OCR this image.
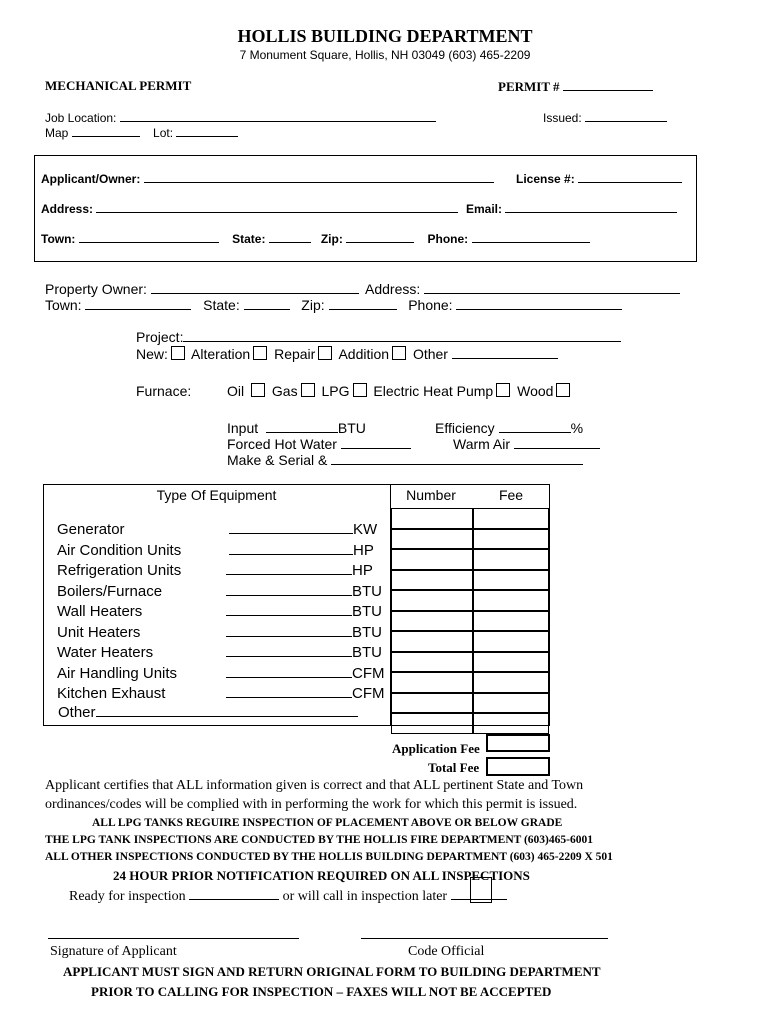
HOLLIS BUILDING DEPARTMENT
7 Monument Square, Hollis, NH 03049 (603) 465-2209
MECHANICAL PERMIT	PERMIT #
Job Location:	Issued:
Map	Lot:
Applicant/Owner:	License #:
Address:	Email:
Town:	State:	Zip:	Phone:
Property Owner:	Address:
Town:	State:	Zip:	Phone:
Project:
New: Alteration Repair Addition Other
Furnace:	Oil Gas LPG Electric Heat Pump Wood
Input	BTU	Efficiency	%
Forced Hot Water	Warm Air
Make & Serial &
Type Of Equipment	Number	Fee
Generator	KW
Air Condition Units	HP
Refrigeration Units	HP
Boilers/Furnace	BTU
Wall Heaters	BTU
Unit Heaters	BTU
Water Heaters	BTU
Air Handling Units	CFM
Kitchen Exhaust	CFM
Other
Application Fee
Total Fee
Applicant certifies that ALL information given is correct and that ALL pertinent State and Town
ordinances/codes will be complied with in performing the work for which this permit is issued.
ALL LPG TANKS REGUIRE INSPECTION OF PLACEMENT ABOVE OR BELOW GRADE
THE LPG TANK INSPECTIONS ARE CONDUCTED BY THE HOLLIS FIRE DEPARTMENT (603)465-6001
ALL OTHER INSPECTIONS CONDUCTED BY THE HOLLIS BUILDING DEPARTMENT (603) 465-2209 X 501
24 HOUR PRIOR NOTIFICATION REQUIRED ON ALL INSPECTIONS
Ready for inspection	or will call in inspection later
Signature of Applicant	Code Official
APPLICANT MUST SIGN AND RETURN ORIGINAL FORM TO BUILDING DEPARTMENT
PRIOR TO CALLING FOR INSPECTION – FAXES WILL NOT BE ACCEPTED
